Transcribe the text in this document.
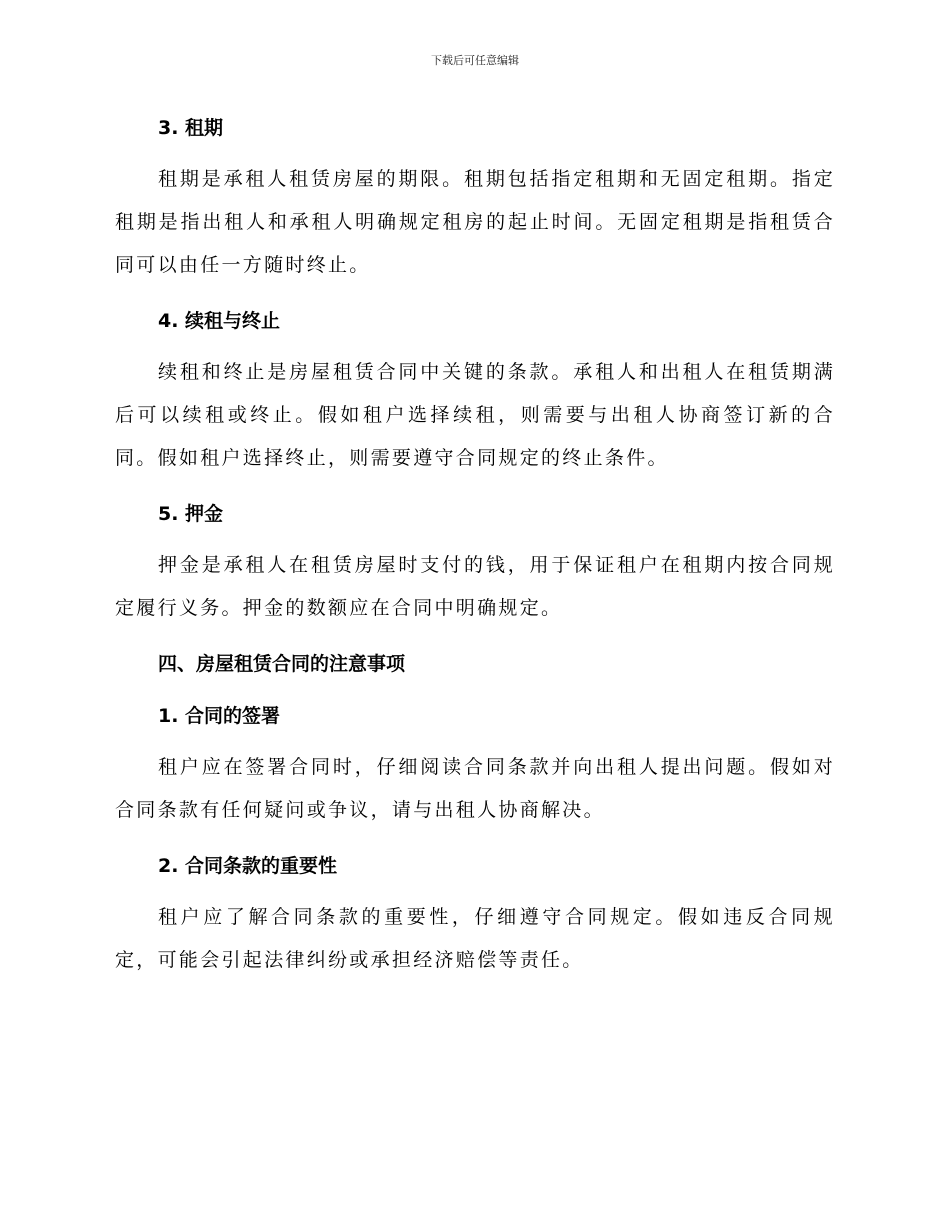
下载后可任意编辑
3. 租期

租期是承租人租赁房屋的期限。租期包括指定租期和无固定租期。指定租期是指出租人和承租人明确规定租房的起止时间。无固定租期是指租赁合同可以由任一方随时终止。

4. 续租与终止

续租和终止是房屋租赁合同中关键的条款。承租人和出租人在租赁期满后可以续租或终止。假如租户选择续租，则需要与出租人协商签订新的合同。假如租户选择终止，则需要遵守合同规定的终止条件。

5. 押金

押金是承租人在租赁房屋时支付的钱，用于保证租户在租期内按合同规定履行义务。押金的数额应在合同中明确规定。

四、房屋租赁合同的注意事项
1. 合同的签署

租户应在签署合同时，仔细阅读合同条款并向出租人提出问题。假如对合同条款有任何疑问或争议，请与出租人协商解决。

2. 合同条款的重要性

租户应了解合同条款的重要性，仔细遵守合同规定。假如违反合同规定，可能会引起法律纠纷或承担经济赔偿等责任。
